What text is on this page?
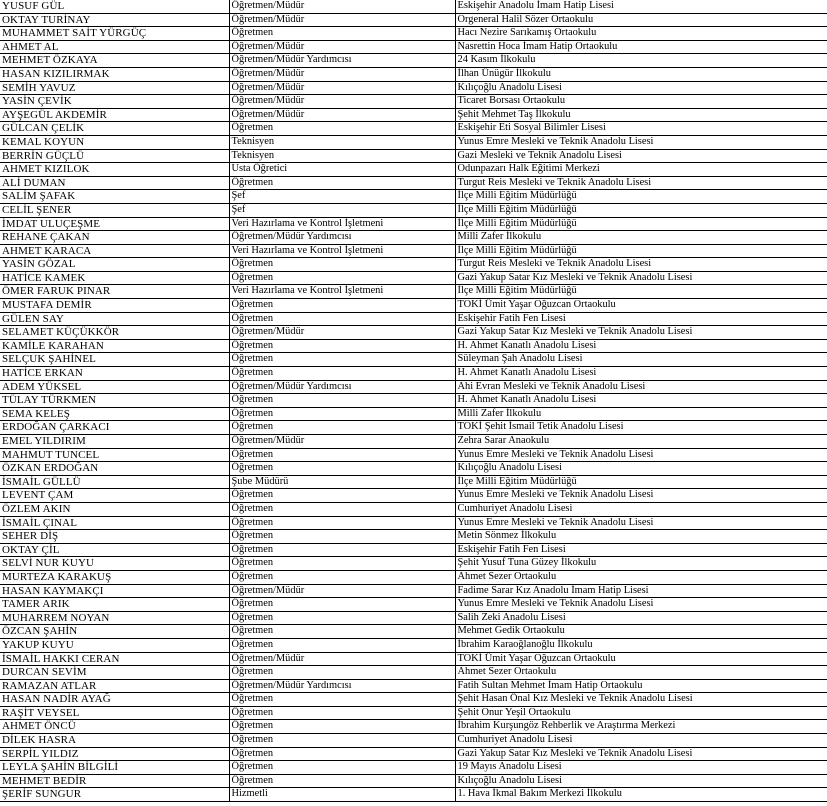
YUSUF GÜL	Öğretmen/Müdür	Eskişehir Anadolu İmam Hatip Lisesi
OKTAY TURİNAY	Öğretmen/Müdür	Orgeneral Halil Sözer Ortaokulu
MUHAMMET SAİT YÜRGÜÇ	Öğretmen	Hacı Nezire Sarıkamış Ortaokulu
AHMET AL	Öğretmen/Müdür	Nasrettin Hoca İmam Hatip Ortaokulu
MEHMET ÖZKAYA	Öğretmen/Müdür Yardımcısı	24 Kasım İlkokulu
HASAN KIZILIRMAK	Öğretmen/Müdür	İlhan Ünügür İlkokulu
SEMİH YAVUZ	Öğretmen/Müdür	Kılıçoğlu Anadolu Lisesi
YASİN ÇEVİK	Öğretmen/Müdür	Ticaret Borsası Ortaokulu
AYŞEGÜL AKDEMİR	Öğretmen/Müdür	Şehit Mehmet Taş İlkokulu
GÜLCAN ÇELİK	Öğretmen	Eskişehir Eti Sosyal Bilimler Lisesi
KEMAL KOYUN	Teknisyen	Yunus Emre Mesleki ve Teknik Anadolu Lisesi
BERRİN GÜÇLÜ	Teknisyen	Gazi Mesleki ve Teknik Anadolu Lisesi
AHMET KIZILOK	Usta Öğretici	Odunpazarı Halk Eğitimi Merkezi
ALİ DUMAN	Öğretmen	Turgut Reis Mesleki ve Teknik Anadolu Lisesi
SALİM ŞAFAK	Şef	İlçe Milli Eğitim Müdürlüğü
CELİL ŞENER	Şef	İlçe Milli Eğitim Müdürlüğü
İMDAT ULUÇEŞME	Veri Hazırlama ve Kontrol İşletmeni	İlçe Milli Eğitim Müdürlüğü
REHANE ÇAKAN	Öğretmen/Müdür Yardımcısı	Milli Zafer İlkokulu
AHMET KARACA	Veri Hazırlama ve Kontrol İşletmeni	İlçe Milli Eğitim Müdürlüğü
YASİN GÖZAL	Öğretmen	Turgut Reis Mesleki ve Teknik Anadolu Lisesi
HATİCE KAMEK	Öğretmen	Gazi Yakup Satar Kız Mesleki ve Teknik Anadolu Lisesi
ÖMER FARUK PINAR	Veri Hazırlama ve Kontrol İşletmeni	İlçe Milli Eğitim Müdürlüğü
MUSTAFA DEMİR	Öğretmen	TOKİ Ümit Yaşar Oğuzcan Ortaokulu
GÜLEN SAY	Öğretmen	Eskişehir Fatih Fen Lisesi
SELAMET KÜÇÜKKÖR	Öğretmen/Müdür	Gazi Yakup Satar Kız Mesleki ve Teknik Anadolu Lisesi
KAMİLE KARAHAN	Öğretmen	H. Ahmet Kanatlı Anadolu Lisesi
SELÇUK ŞAHİNEL	Öğretmen	Süleyman Şah Anadolu Lisesi
HATİCE ERKAN	Öğretmen	H. Ahmet Kanatlı Anadolu Lisesi
ADEM YÜKSEL	Öğretmen/Müdür Yardımcısı	Ahi Evran Mesleki ve Teknik Anadolu Lisesi
TÜLAY TÜRKMEN	Öğretmen	H. Ahmet Kanatlı Anadolu Lisesi
SEMA KELEŞ	Öğretmen	Milli Zafer İlkokulu
ERDOĞAN ÇARKACI	Öğretmen	TOKİ Şehit İsmail Tetik Anadolu Lisesi
EMEL YILDIRIM	Öğretmen/Müdür	Zehra Sarar Anaokulu
MAHMUT TUNCEL	Öğretmen	Yunus Emre Mesleki ve Teknik Anadolu Lisesi
ÖZKAN ERDOĞAN	Öğretmen	Kılıçoğlu Anadolu Lisesi
İSMAİL GÜLLÜ	Şube Müdürü	İlçe Milli Eğitim Müdürlüğü
LEVENT ÇAM	Öğretmen	Yunus Emre Mesleki ve Teknik Anadolu Lisesi
ÖZLEM AKIN	Öğretmen	Cumhuriyet Anadolu Lisesi
İSMAİL ÇINAL	Öğretmen	Yunus Emre Mesleki ve Teknik Anadolu Lisesi
SEHER DİŞ	Öğretmen	Metin Sönmez İlkokulu
OKTAY ÇİL	Öğretmen	Eskişehir Fatih Fen Lisesi
SELVİ NUR KUYU	Öğretmen	Şehit Yusuf Tuna Güzey İlkokulu
MURTEZA KARAKUŞ	Öğretmen	Ahmet Sezer Ortaokulu
HASAN KAYMAKÇI	Öğretmen/Müdür	Fadime Sarar Kız Anadolu İmam Hatip Lisesi
TAMER ARIK	Öğretmen	Yunus Emre Mesleki ve Teknik Anadolu Lisesi
MUHARREM NOYAN	Öğretmen	Salih Zeki Anadolu Lisesi
ÖZCAN ŞAHİN	Öğretmen	Mehmet Gedik Ortaokulu
YAKUP KUYU	Öğretmen	İbrahim Karaoğlanoğlu İlkokulu
İSMAİL HAKKI CERAN	Öğretmen/Müdür	TOKİ Ümit Yaşar Oğuzcan Ortaokulu
DURCAN SEVİM	Öğretmen	Ahmet Sezer Ortaokulu
RAMAZAN ATLAR	Öğretmen/Müdür Yardımcısı	Fatih Sultan Mehmet İmam Hatip Ortaokulu
HASAN NADİR AYAĞ	Öğretmen	Şehit Hasan Önal Kız Mesleki ve Teknik Anadolu Lisesi
RAŞİT VEYSEL	Öğretmen	Şehit Onur Yeşil Ortaokulu
AHMET ÖNCÜ	Öğretmen	İbrahim Kurşungöz Rehberlik ve Araştırma Merkezi
DİLEK HASRA	Öğretmen	Cumhuriyet Anadolu Lisesi
SERPİL YILDIZ	Öğretmen	Gazi Yakup Satar Kız Mesleki ve Teknik Anadolu Lisesi
LEYLA ŞAHİN BİLGİLİ	Öğretmen	19 Mayıs Anadolu Lisesi
MEHMET BEDİR	Öğretmen	Kılıçoğlu Anadolu Lisesi
ŞERİF SUNGUR	Hizmetli	1. Hava İkmal Bakım Merkezi İlkokulu
